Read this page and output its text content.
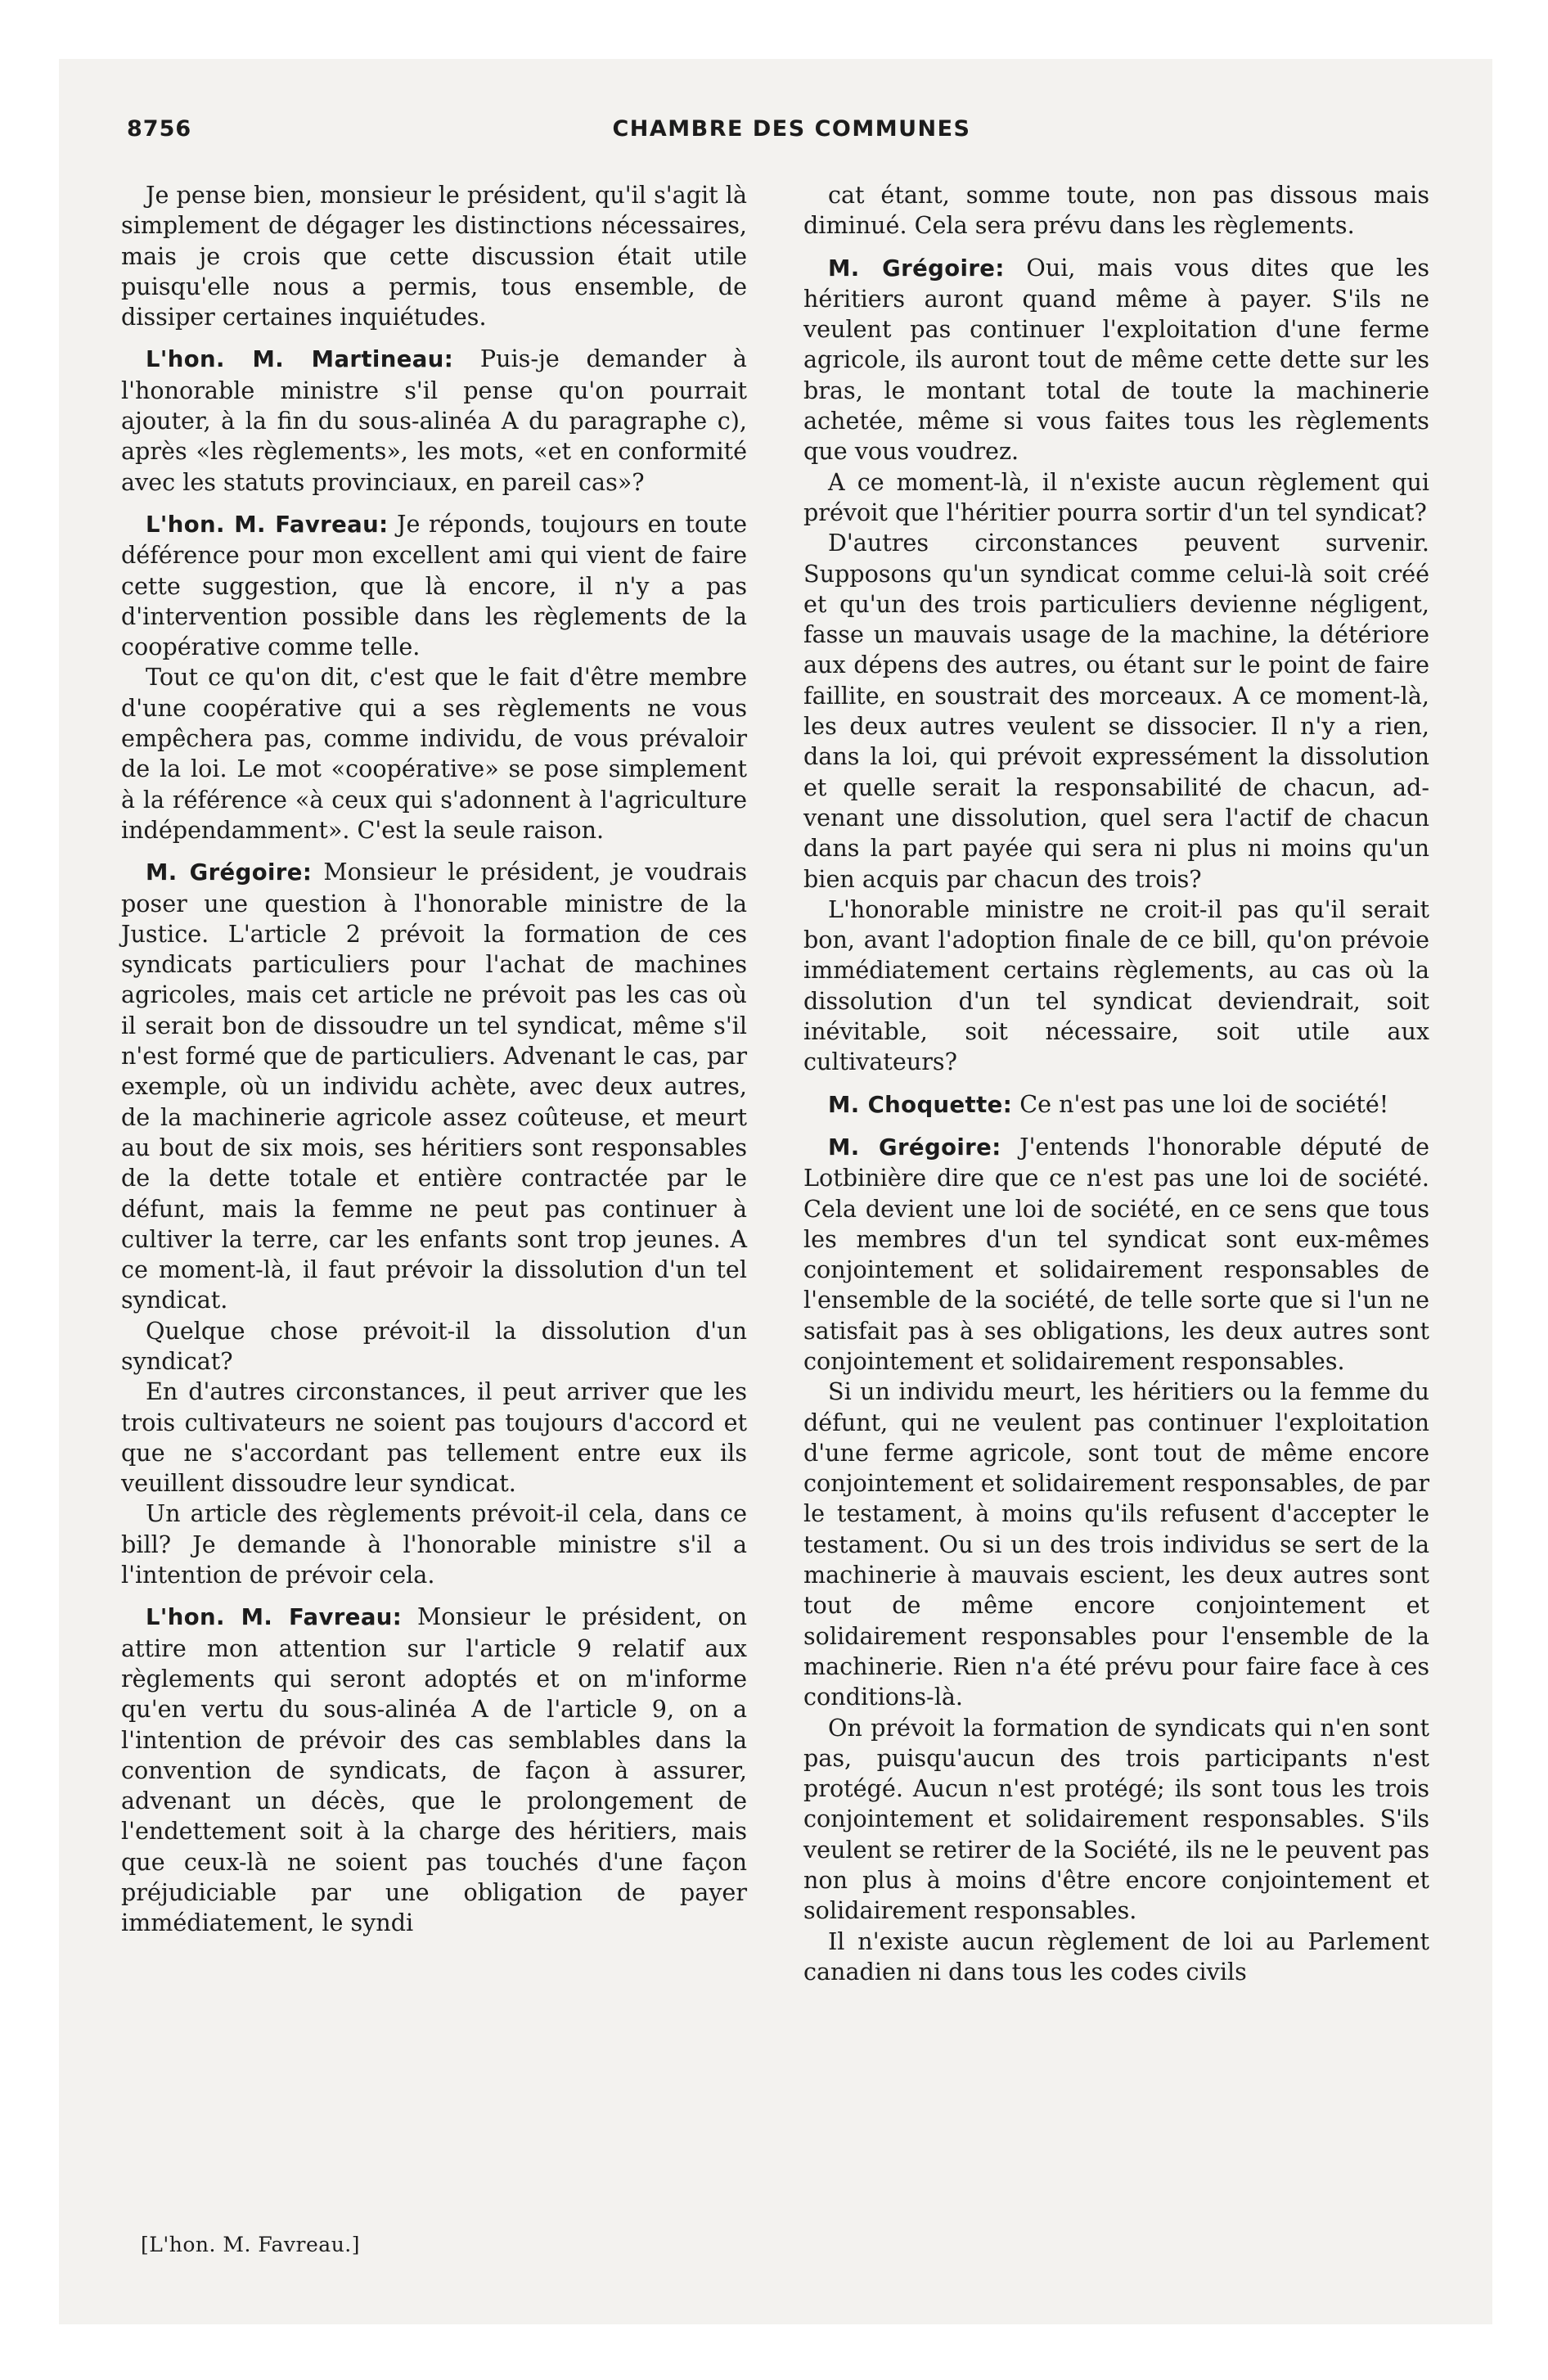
8756	CHAMBRE DES COMMUNES

Je pense bien, monsieur le président, qu'il s'agit là simplement de dégager les distinctions nécessaires, mais je crois que cette discussion était utile puisqu'elle nous a permis, tous ensemble, de dissiper certaines inquiétudes.

L'hon. M. Martineau: Puis-je demander à l'honorable ministre s'il pense qu'on pourrait ajouter, à la fin du sous-alinéa A du paragraphe c), après «les règlements», les mots, «et en conformité avec les statuts provinciaux, en pareil cas»?

L'hon. M. Favreau: Je réponds, toujours en toute déférence pour mon excellent ami qui vient de faire cette suggestion, que là encore, il n'y a pas d'intervention possible dans les règlements de la coopérative comme telle.

Tout ce qu'on dit, c'est que le fait d'être membre d'une coopérative qui a ses règlements ne vous empêchera pas, comme individu, de vous prévaloir de la loi. Le mot «coopérative» se pose simplement à la référence «à ceux qui s'adonnent à l'agriculture indépendamment». C'est la seule raison.

M. Grégoire: Monsieur le président, je voudrais poser une question à l'honorable ministre de la Justice. L'article 2 prévoit la formation de ces syndicats particuliers pour l'achat de machines agricoles, mais cet article ne prévoit pas les cas où il serait bon de dissoudre un tel syndicat, même s'il n'est formé que de particuliers. Advenant le cas, par exemple, où un individu achète, avec deux autres, de la machinerie agricole assez coûteuse, et meurt au bout de six mois, ses héritiers sont responsables de la dette totale et entière contractée par le défunt, mais la femme ne peut pas continuer à cultiver la terre, car les enfants sont trop jeunes. A ce moment-là, il faut prévoir la dissolution d'un tel syndicat.

Quelque chose prévoit-il la dissolution d'un syndicat?

En d'autres circonstances, il peut arriver que les trois cultivateurs ne soient pas toujours d'accord et que ne s'accordant pas tellement entre eux ils veuillent dissoudre leur syndicat.

Un article des règlements prévoit-il cela, dans ce bill? Je demande à l'honorable ministre s'il a l'intention de prévoir cela.

L'hon. M. Favreau: Monsieur le président, on attire mon attention sur l'article 9 relatif aux règlements qui seront adoptés et on m'informe qu'en vertu du sous-alinéa A de l'article 9, on a l'intention de prévoir des cas semblables dans la convention de syndicats, de façon à assurer, advenant un décès, que le prolongement de l'endettement soit à la charge des héritiers, mais que ceux-là ne soient pas touchés d'une façon préjudiciable par une obligation de payer immédiatement, le syndi

cat étant, somme toute, non pas dissous mais diminué. Cela sera prévu dans les règlements.

M. Grégoire: Oui, mais vous dites que les héritiers auront quand même à payer. S'ils ne veulent pas continuer l'exploitation d'une ferme agricole, ils auront tout de même cette dette sur les bras, le montant total de toute la machinerie achetée, même si vous faites tous les règlements que vous voudrez.

A ce moment-là, il n'existe aucun règlement qui prévoit que l'héritier pourra sortir d'un tel syndicat?

D'autres circonstances peuvent survenir. Supposons qu'un syndicat comme celui-là soit créé et qu'un des trois particuliers devienne négligent, fasse un mauvais usage de la machine, la détériore aux dépens des autres, ou étant sur le point de faire faillite, en soustrait des morceaux. A ce moment-là, les deux autres veulent se dissocier. Il n'y a rien, dans la loi, qui prévoit expressément la dissolution et quelle serait la responsabilité de chacun, advenant une dissolution, quel sera l'actif de chacun dans la part payée qui sera ni plus ni moins qu'un bien acquis par chacun des trois?

L'honorable ministre ne croit-il pas qu'il serait bon, avant l'adoption finale de ce bill, qu'on prévoie immédiatement certains règlements, au cas où la dissolution d'un tel syndicat deviendrait, soit inévitable, soit nécessaire, soit utile aux cultivateurs?

M. Choquette: Ce n'est pas une loi de société!

M. Grégoire: J'entends l'honorable député de Lotbinière dire que ce n'est pas une loi de société. Cela devient une loi de société, en ce sens que tous les membres d'un tel syndicat sont eux-mêmes conjointement et solidairement responsables de l'ensemble de la société, de telle sorte que si l'un ne satisfait pas à ses obligations, les deux autres sont conjointement et solidairement responsables.

Si un individu meurt, les héritiers ou la femme du défunt, qui ne veulent pas continuer l'exploitation d'une ferme agricole, sont tout de même encore conjointement et solidairement responsables, de par le testament, à moins qu'ils refusent d'accepter le testament. Ou si un des trois individus se sert de la machinerie à mauvais escient, les deux autres sont tout de même encore conjointement et solidairement responsables pour l'ensemble de la machinerie. Rien n'a été prévu pour faire face à ces conditions-là.

On prévoit la formation de syndicats qui n'en sont pas, puisqu'aucun des trois participants n'est protégé. Aucun n'est protégé; ils sont tous les trois conjointement et solidairement responsables. S'ils veulent se retirer de la Société, ils ne le peuvent pas non plus à moins d'être encore conjointement et solidairement responsables.

Il n'existe aucun règlement de loi au Parlement canadien ni dans tous les codes civils

[L'hon. M. Favreau.]
